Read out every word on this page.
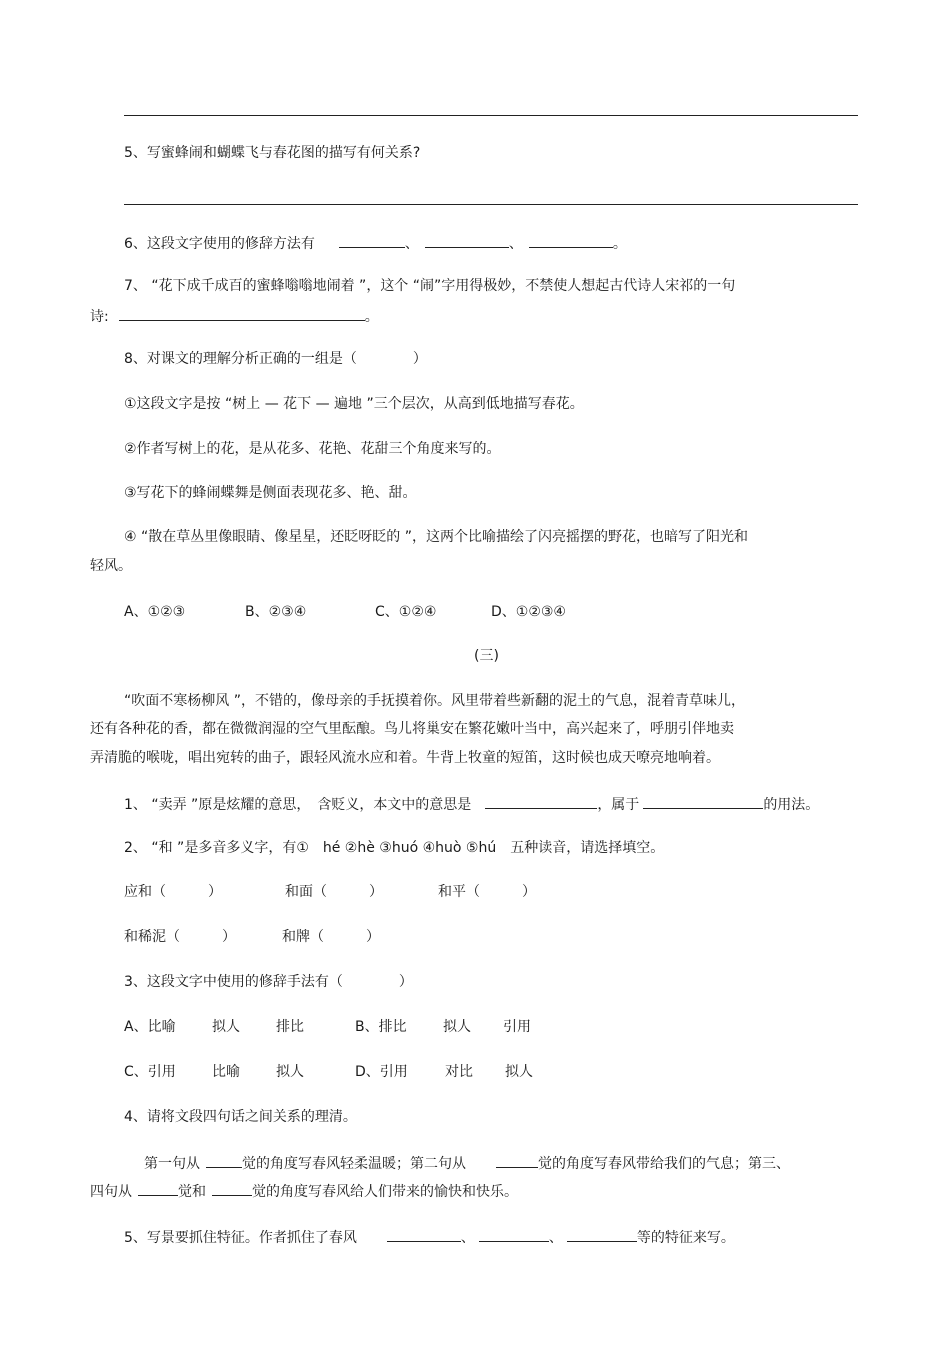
5、写蜜蜂闹和蝴蝶飞与春花图的描写有何关系?
6、这段文字使用的修辞方法有	、	、	。
7、 “花下成千成百的蜜蜂嗡嗡地闹着 ”，这个 “闹”字用得极妙，不禁使人想起古代诗人宋祁的一句
诗:	。
8、对课文的理解分析正确的一组是（　　　　）
①这段文字是按 “树上 — 花下 — 遍地 ”三个层次，从高到低地描写春花。
②作者写树上的花，是从花多、花艳、花甜三个角度来写的。
③写花下的蜂闹蝶舞是侧面表现花多、艳、甜。
④ “散在草丛里像眼睛、像星星，还眨呀眨的 ”，这两个比喻描绘了闪亮摇摆的野花，也暗写了阳光和
轻风。
A、①②③	B、②③④	C、①②④	D、①②③④
(三)
“吹面不寒杨柳风 ”，不错的，像母亲的手抚摸着你。风里带着些新翻的泥土的气息，混着青草味儿，
还有各种花的香，都在微微润湿的空气里酝酿。鸟儿将巢安在繁花嫩叶当中，高兴起来了，呼朋引伴地卖
弄清脆的喉咙，唱出宛转的曲子，跟轻风流水应和着。牛背上牧童的短笛，这时候也成天嘹亮地响着。
1、 “卖弄 ”原是炫耀的意思，　含贬义，本文中的意思是	，属于	的用法。
2、 “和 ”是多音多义字，有①　hé ②hè ③huó ④huò ⑤hú　五种读音，请选择填空。
应和（　　　）	和面（　　　）	和平（　　　）
和稀泥（　　　）	和牌（　　　）
3、这段文字中使用的修辞手法有（　　　　）
A、比喻	拟人	排比	B、排比	拟人 引用
C、引用	比喻	拟人	D、引用	对比 拟人
4、请将文段四句话之间关系的理清。
第一句从	觉的角度写春风轻柔温暖；第二句从	觉的角度写春风带给我们的气息；第三、
四句从	觉和	觉的角度写春风给人们带来的愉快和快乐。
5、写景要抓住特征。作者抓住了春风	、	、	等的特征来写。
